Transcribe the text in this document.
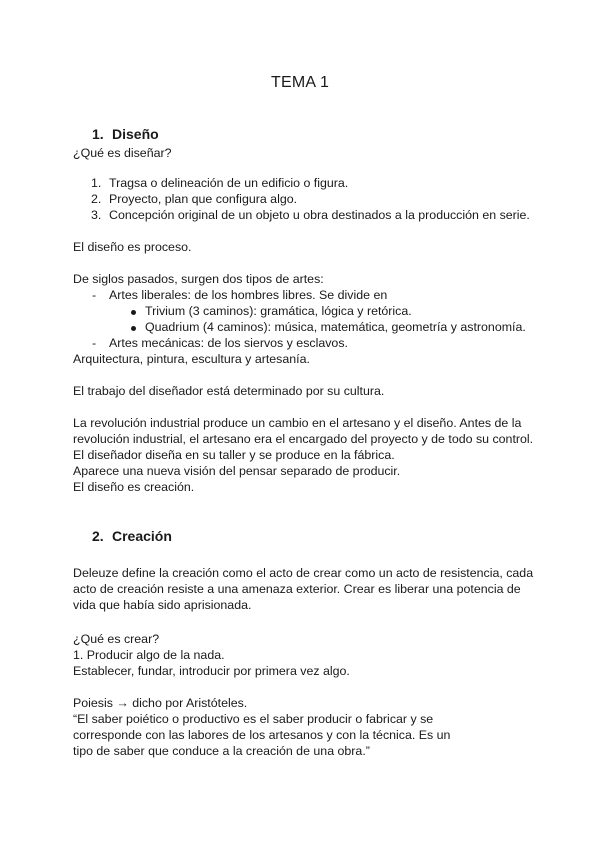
TEMA 1
1. Diseño
¿Qué es diseñar?
1. Tragsa o delineación de un edificio o figura.
2. Proyecto, plan que configura algo.
3. Concepción original de un objeto u obra destinados a la producción en serie.
El diseño es proceso.
De siglos pasados, surgen dos tipos de artes:
- Artes liberales: de los hombres libres. Se divide en
Trivium (3 caminos): gramática, lógica y retórica.
Quadrium (4 caminos): música, matemática, geometría y astronomía.
- Artes mecánicas: de los siervos y esclavos.
Arquitectura, pintura, escultura y artesanía.
El trabajo del diseñador está determinado por su cultura.
La revolución industrial produce un cambio en el artesano y el diseño. Antes de la
revolución industrial, el artesano era el encargado del proyecto y de todo su control.
El diseñador diseña en su taller y se produce en la fábrica.
Aparece una nueva visión del pensar separado de producir.
El diseño es creación.
2. Creación
Deleuze define la creación como el acto de crear como un acto de resistencia, cada
acto de creación resiste a una amenaza exterior. Crear es liberar una potencia de
vida que había sido aprisionada.
¿Qué es crear?
1. Producir algo de la nada.
Establecer, fundar, introducir por primera vez algo.
Poiesis → dicho por Aristóteles.
“El saber poiético o productivo es el saber producir o fabricar y se
corresponde con las labores de los artesanos y con la técnica. Es un
tipo de saber que conduce a la creación de una obra.”
